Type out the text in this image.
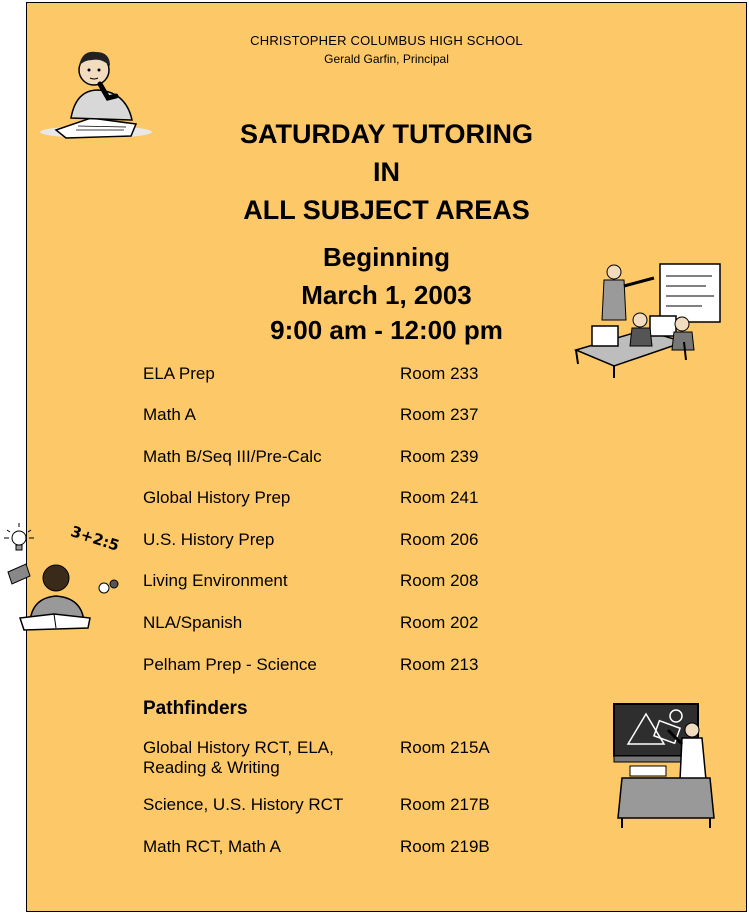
CHRISTOPHER COLUMBUS HIGH SCHOOL
Gerald Garfin, Principal
SATURDAY TUTORING
IN
ALL SUBJECT AREAS
Beginning
March 1, 2003
9:00 am - 12:00 pm
ELA Prep	Room 233
Math A	Room 237
Math B/Seq III/Pre-Calc	Room 239
Global History Prep	Room 241
U.S. History Prep	Room 206
Living Environment	Room 208
NLA/Spanish	Room 202
Pelham Prep - Science	Room 213
Pathfinders
Global History RCT, ELA, Reading & Writing
Room 215A
Science, U.S. History RCT	Room 217B
Math RCT, Math A	Room 219B
3+2:5
